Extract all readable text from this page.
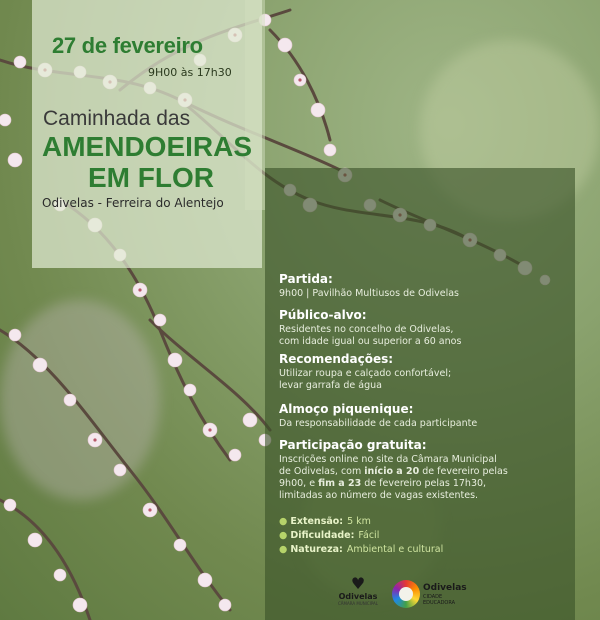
27 de fevereiro
9H00 às 17h30
Caminhada das
AMENDOEIRAS
EM FLOR
Odivelas - Ferreira do Alentejo
Partida:
9h00 | Pavilhão Multiusos de Odivelas
Público-alvo:
Residentes no concelho de Odivelas,
com idade igual ou superior a 60 anos
Recomendações:
Utilizar roupa e calçado confortável;
levar garrafa de água
Almoço piquenique:
Da responsabilidade de cada participante
Participação gratuita:
Inscrições online no site da Câmara Municipal
de Odivelas, com início a 20 de fevereiro pelas
9h00, e fim a 23 de fevereiro pelas 17h30,
limitadas ao número de vagas existentes.
● Extensão: 5 km
● Dificuldade: Fácil
● Natureza: Ambiental e cultural
♥
Odivelas
CÂMARA MUNICIPAL
Odivelas
CIDADE
EDUCADORA
